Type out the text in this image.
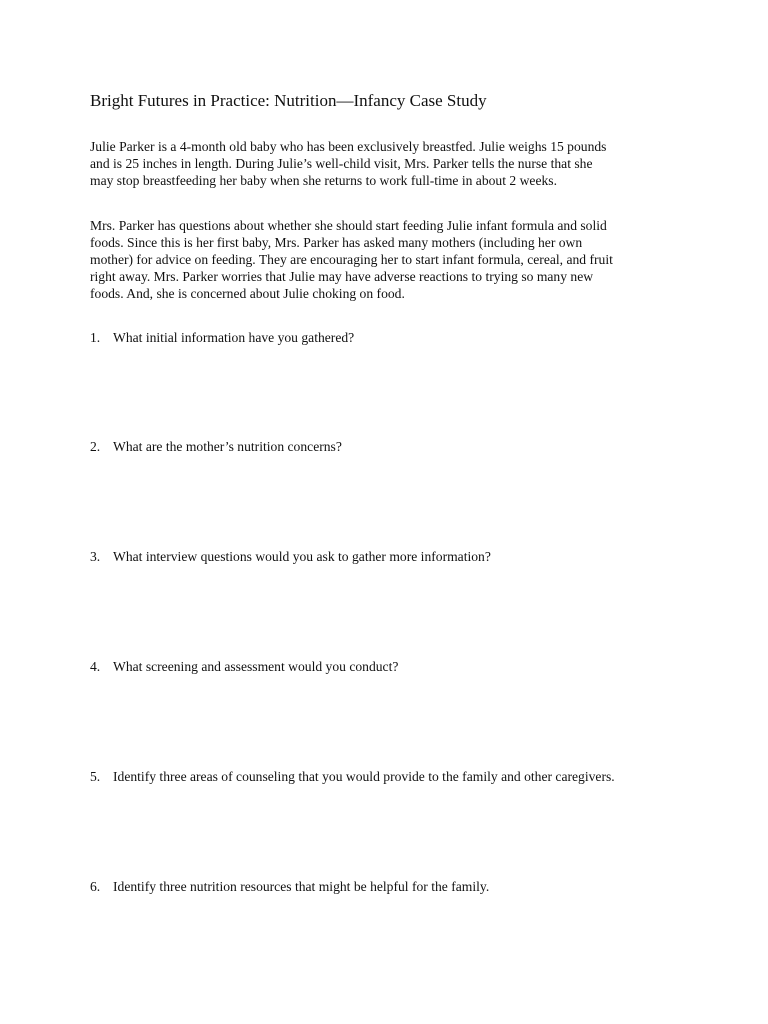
Bright Futures in Practice: Nutrition—Infancy Case Study
Julie Parker is a 4-month old baby who has been exclusively breastfed. Julie weighs 15 pounds
and is 25 inches in length. During Julie’s well-child visit, Mrs. Parker tells the nurse that she
may stop breastfeeding her baby when she returns to work full-time in about 2 weeks.
Mrs. Parker has questions about whether she should start feeding Julie infant formula and solid
foods. Since this is her first baby, Mrs. Parker has asked many mothers (including her own
mother) for advice on feeding. They are encouraging her to start infant formula, cereal, and fruit
right away. Mrs. Parker worries that Julie may have adverse reactions to trying so many new
foods. And, she is concerned about Julie choking on food.
1. What initial information have you gathered?
2. What are the mother’s nutrition concerns?
3. What interview questions would you ask to gather more information?
4. What screening and assessment would you conduct?
5. Identify three areas of counseling that you would provide to the family and other caregivers.
6. Identify three nutrition resources that might be helpful for the family.
